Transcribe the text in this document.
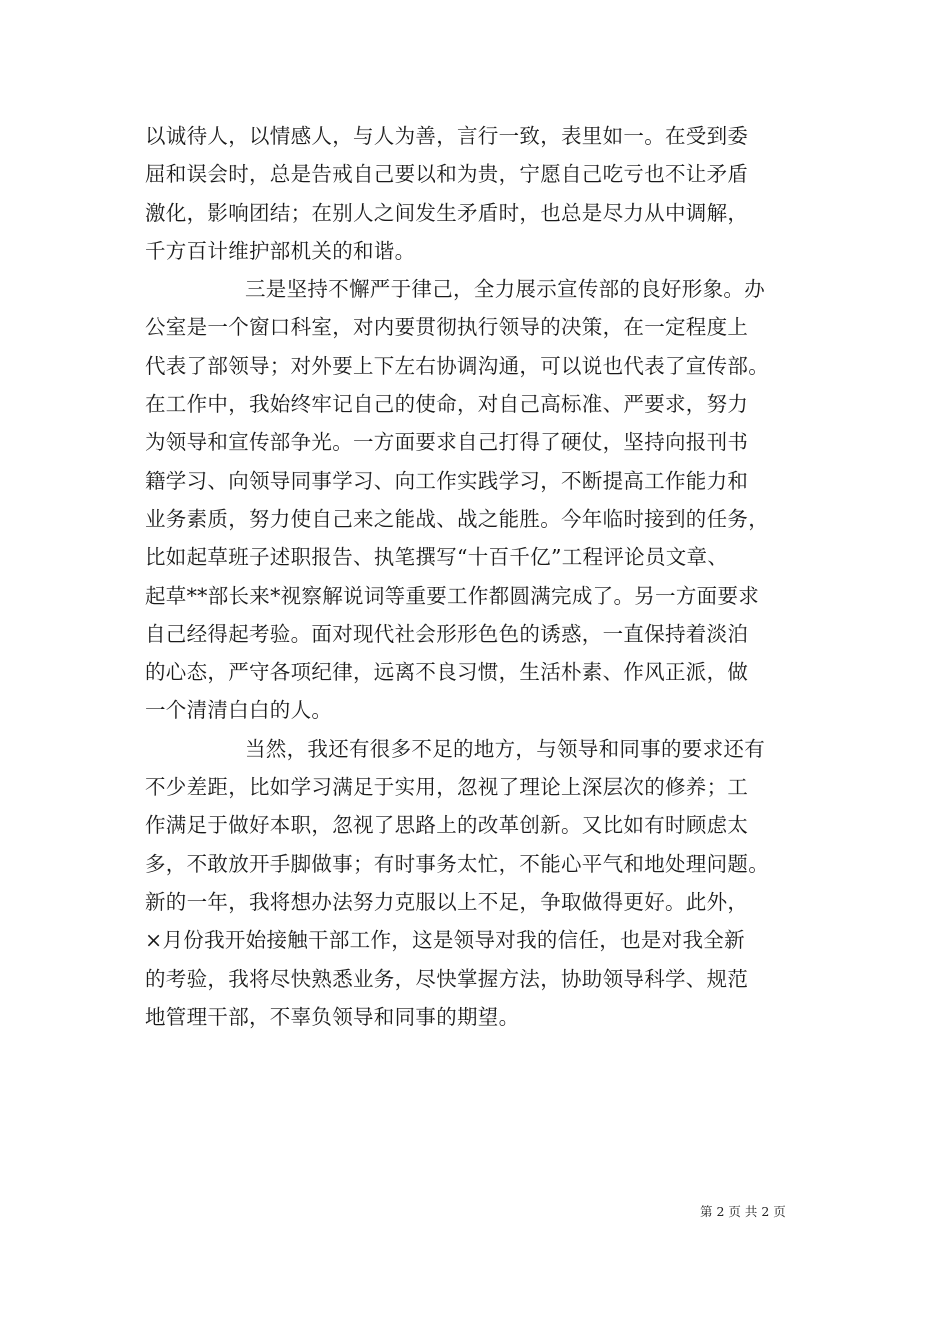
以诚待人，以情感人，与人为善，言行一致，表里如一。在受到委
屈和误会时，总是告戒自己要以和为贵，宁愿自己吃亏也不让矛盾
激化，影响团结；在别人之间发生矛盾时，也总是尽力从中调解，
千方百计维护部机关的和谐。
三是坚持不懈严于律己，全力展示宣传部的良好形象。办
公室是一个窗口科室，对内要贯彻执行领导的决策，在一定程度上
代表了部领导；对外要上下左右协调沟通，可以说也代表了宣传部。
在工作中，我始终牢记自己的使命，对自己高标准、严要求，努力
为领导和宣传部争光。一方面要求自己打得了硬仗，坚持向报刊书
籍学习、向领导同事学习、向工作实践学习，不断提高工作能力和
业务素质，努力使自己来之能战、战之能胜。今年临时接到的任务，
比如起草班子述职报告、执笔撰写“十百千亿”工程评论员文章、
起草**部长来*视察解说词等重要工作都圆满完成了。另一方面要求
自己经得起考验。面对现代社会形形色色的诱惑，一直保持着淡泊
的心态，严守各项纪律，远离不良习惯，生活朴素、作风正派，做
一个清清白白的人。
当然，我还有很多不足的地方，与领导和同事的要求还有
不少差距，比如学习满足于实用，忽视了理论上深层次的修养；工
作满足于做好本职，忽视了思路上的改革创新。又比如有时顾虑太
多，不敢放开手脚做事；有时事务太忙，不能心平气和地处理问题。
新的一年，我将想办法努力克服以上不足，争取做得更好。此外，
×月份我开始接触干部工作，这是领导对我的信任，也是对我全新
的考验，我将尽快熟悉业务，尽快掌握方法，协助领导科学、规范
地管理干部，不辜负领导和同事的期望。
第 2 页 共 2 页
